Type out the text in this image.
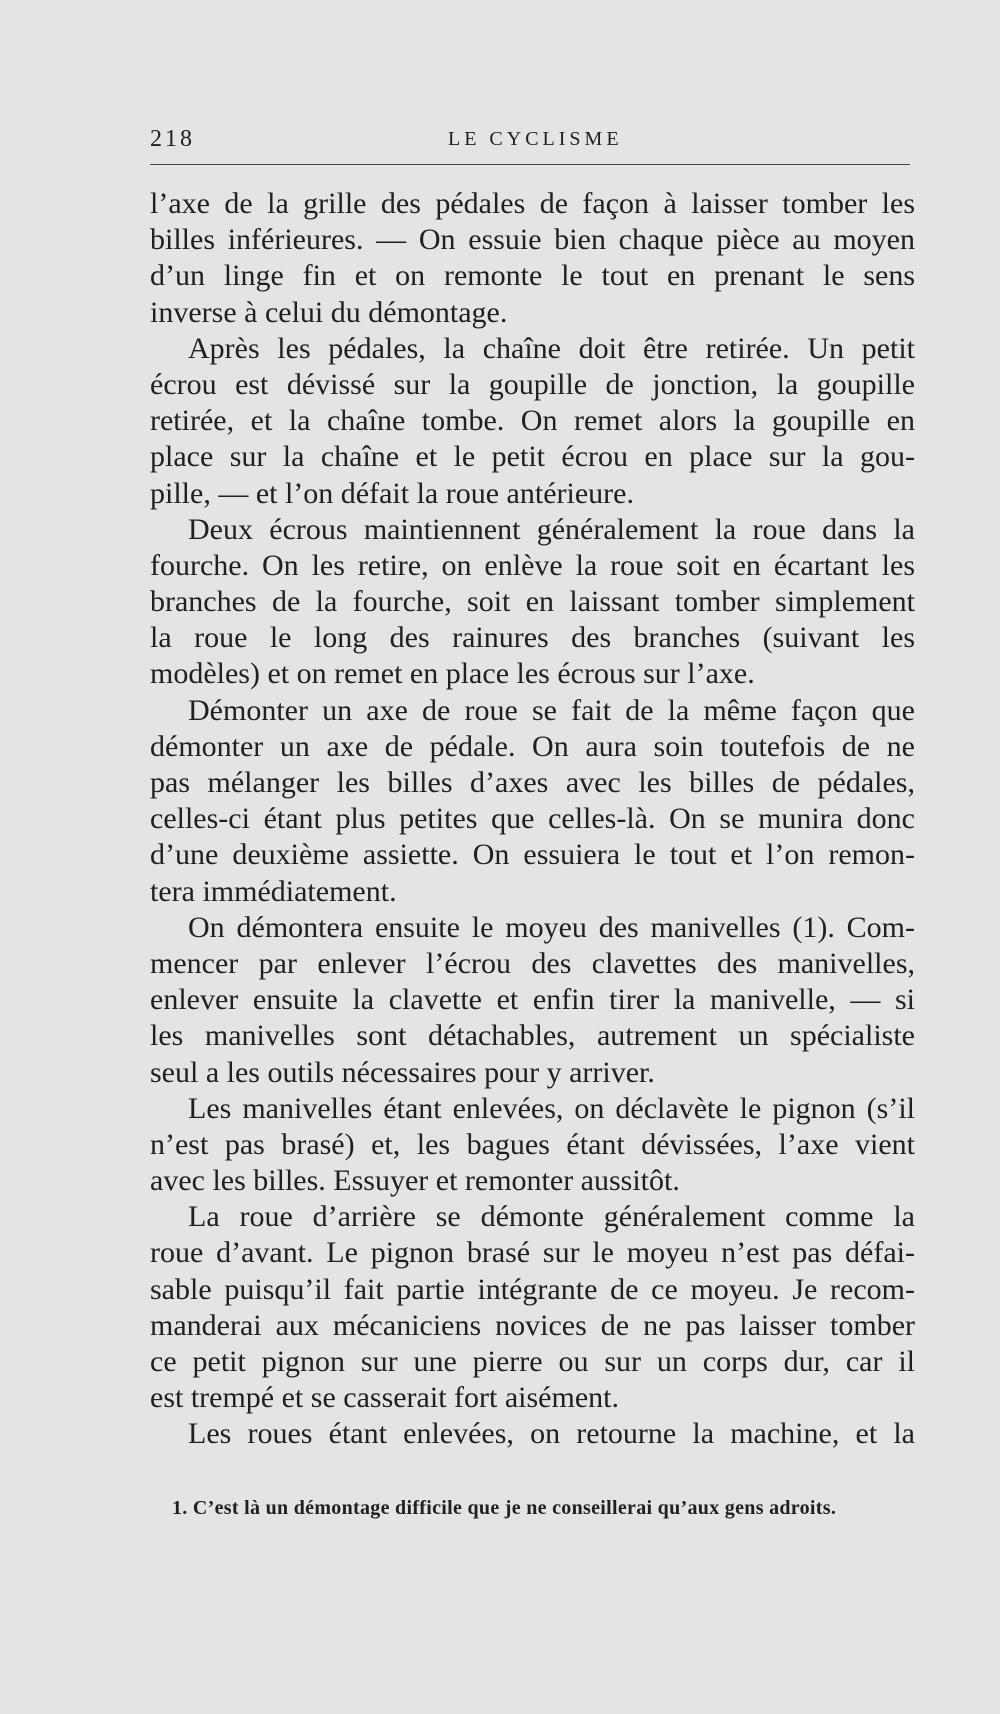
218	LE CYCLISME
l’axe de la grille des pédales de façon à laisser tomber les
billes inférieures. — On essuie bien chaque pièce au moyen
d’un linge fin et on remonte le tout en prenant le sens
inverse à celui du démontage.
Après les pédales, la chaîne doit être retirée. Un petit
écrou est dévissé sur la goupille de jonction, la goupille
retirée, et la chaîne tombe. On remet alors la goupille en
place sur la chaîne et le petit écrou en place sur la gou-
pille, — et l’on défait la roue antérieure.
Deux écrous maintiennent généralement la roue dans la
fourche. On les retire, on enlève la roue soit en écartant les
branches de la fourche, soit en laissant tomber simplement
la roue le long des rainures des branches (suivant les
modèles) et on remet en place les écrous sur l’axe.
Démonter un axe de roue se fait de la même façon que
démonter un axe de pédale. On aura soin toutefois de ne
pas mélanger les billes d’axes avec les billes de pédales,
celles-ci étant plus petites que celles-là. On se munira donc
d’une deuxième assiette. On essuiera le tout et l’on remon-
tera immédiatement.
On démontera ensuite le moyeu des manivelles (1). Com-
mencer par enlever l’écrou des clavettes des manivelles,
enlever ensuite la clavette et enfin tirer la manivelle, — si
les manivelles sont détachables, autrement un spécialiste
seul a les outils nécessaires pour y arriver.
Les manivelles étant enlevées, on déclavète le pignon (s’il
n’est pas brasé) et, les bagues étant dévissées, l’axe vient
avec les billes. Essuyer et remonter aussitôt.
La roue d’arrière se démonte généralement comme la
roue d’avant. Le pignon brasé sur le moyeu n’est pas défai-
sable puisqu’il fait partie intégrante de ce moyeu. Je recom-
manderai aux mécaniciens novices de ne pas laisser tomber
ce petit pignon sur une pierre ou sur un corps dur, car il
est trempé et se casserait fort aisément.
Les roues étant enlevées, on retourne la machine, et la
1. C’est là un démontage difficile que je ne conseillerai qu’aux gens adroits.
